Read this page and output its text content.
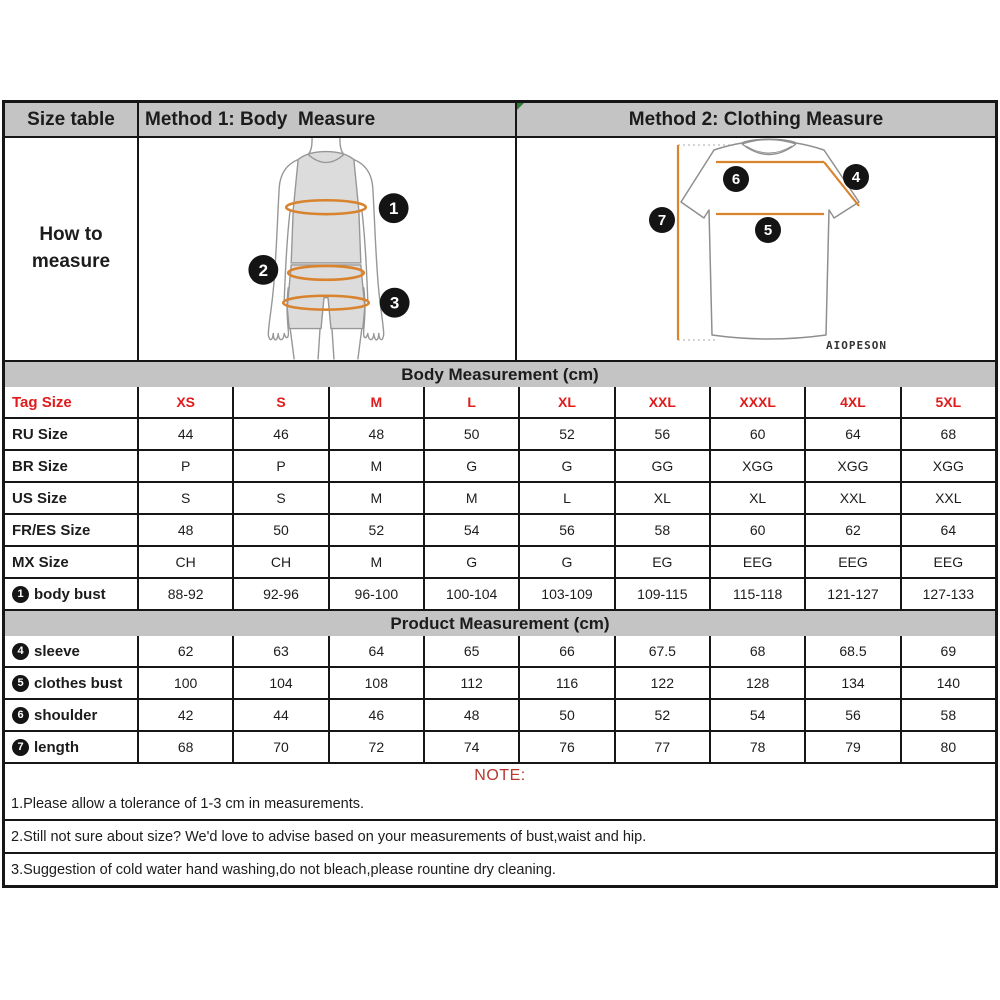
Size table	Method 1: Body  Measure	Method 2: Clothing Measure
How to
measure
1
2
3
6	4
5
7
AIOPESON
Body Measurement (cm)
Tag Size	XS	S	M	L	XL	XXL	XXXL	4XL	5XL
RU Size	44	46	48	50	52	56	60	64	68
BR Size	P	P	M	G	G	GG	XGG	XGG	XGG
US Size	S	S	M	M	L	XL	XL	XXL	XXL
FR/ES Size	48	50	52	54	56	58	60	62	64
MX Size	CH	CH	M	G	G	EG	EEG	EEG	EEG
1 body bust	88-92	92-96	96-100	100-104	103-109	109-115	115-118	121-127	127-133
Product Measurement (cm)
4 sleeve	62	63	64	65	66	67.5	68	68.5	69
5 clothes bust	100	104	108	112	116	122	128	134	140
6 shoulder	42	44	46	48	50	52	54	56	58
7 length	68	70	72	74	76	77	78	79	80
NOTE:
1.Please allow a tolerance of 1-3 cm in measurements.
2.Still not sure about size? We'd love to advise based on your measurements of bust,waist and hip.
3.Suggestion of cold water hand washing,do not bleach,please rountine dry cleaning.
